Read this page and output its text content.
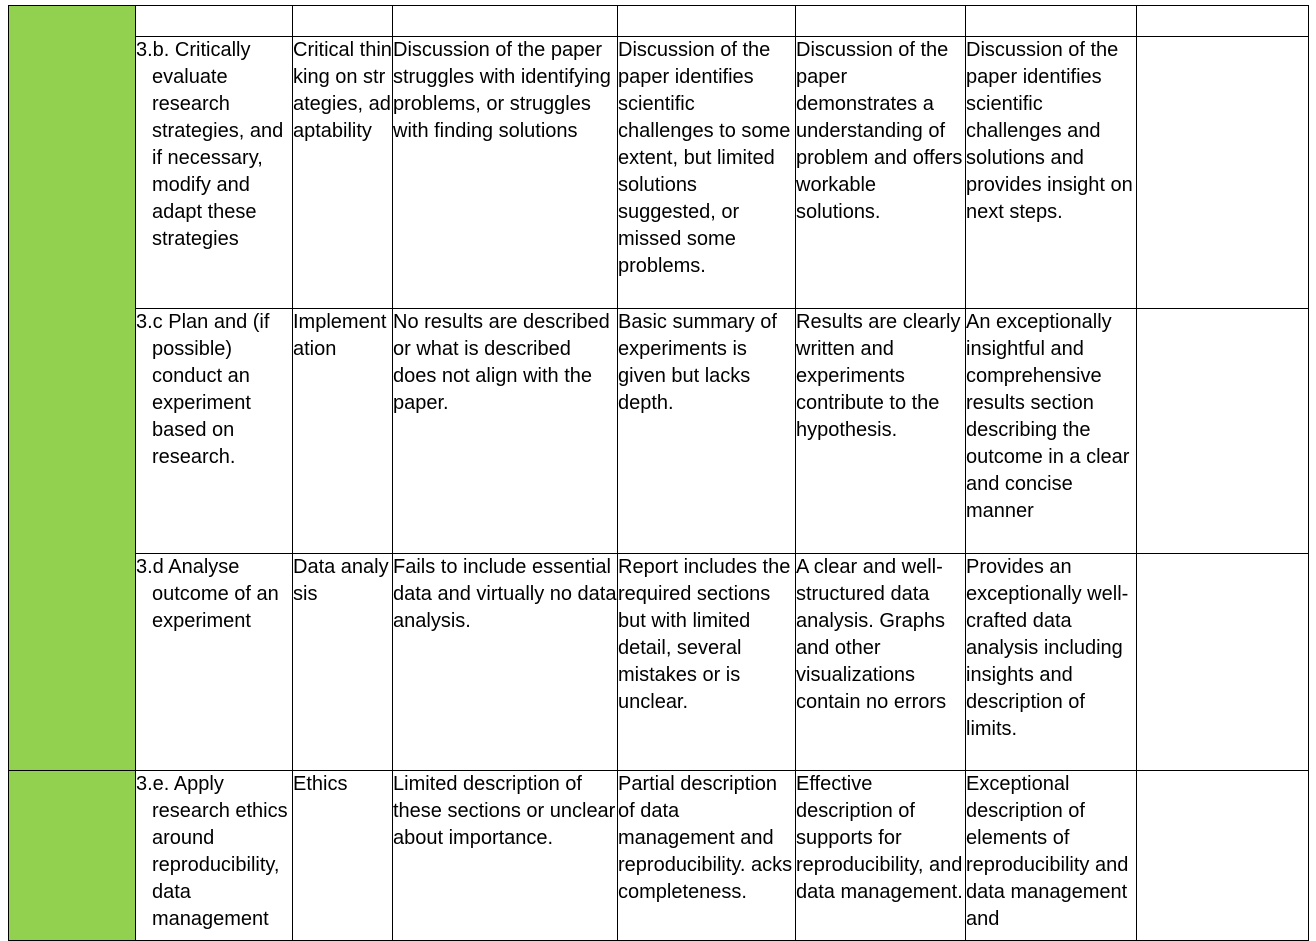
	3.b. Critically evaluate research strategies, and if necessary, modify and adapt these strategies	Critical thinking on strategies, adaptability	Discussion of the paper struggles with identifying problems, or struggles with finding solutions	Discussion of the paper identifies scientific challenges to some extent, but limited solutions suggested, or missed some problems.	Discussion of the paper demonstrates a understanding of problem and offers workable solutions.	Discussion of the paper identifies scientific challenges and solutions and provides insight on next steps.	

	3.c Plan and (if possible) conduct an experiment based on research.	Implementation	No results are described or what is described does not align with the paper.	Basic summary of experiments is given but lacks depth.	Results are clearly written and experiments contribute to the hypothesis.	An exceptionally insightful and comprehensive results section describing the outcome in a clear and concise manner	

	3.d Analyse outcome of an experiment	Data analysis	Fails to include essential data and virtually no data analysis.	Report includes the required sections but with limited detail, several mistakes or is unclear.	A clear and well-structured data analysis. Graphs and other visualizations contain no errors	Provides an exceptionally well-crafted data analysis including insights and description of limits.	

	3.e. Apply research ethics around reproducibility, data management	Ethics	Limited description of these sections or unclear about importance.	Partial description of data management and reproducibility. acks completeness.	Effective description of supports for reproducibility, and data management.	Exceptional description of elements of reproducibility and data management and	
